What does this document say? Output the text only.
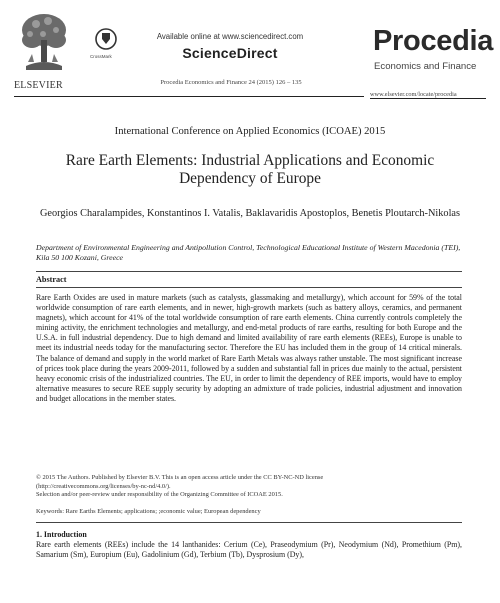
ELSEVIER
CrossMark
Available online at www.sciencedirect.com
ScienceDirect
Procedia Economics and Finance 24 (2015) 126 – 135
Procedia
Economics and Finance
www.elsevier.com/locate/procedia
International Conference on Applied Economics (ICOAE) 2015
Rare Earth Elements: Industrial Applications and Economic Dependency of Europe
Georgios Charalampides, Konstantinos I. Vatalis, Baklavaridis Apostoplos, Benetis Ploutarch-Nikolas
Department of Environmental Engineering and Antipollution Control, Technological Educational Institute of Western Macedonia (TEI), Kila 50 100 Kozani, Greece
Abstract
Rare Earth Oxides are used in mature markets (such as catalysts, glassmaking and metallurgy), which account for 59% of the total worldwide consumption of rare earth elements, and in newer, high-growth markets (such as battery alloys, ceramics, and permanent magnets), which account for 41% of the total worldwide consumption of rare earth elements. China currently controls completely the mining activity, the enrichment technologies and metallurgy, and end-metal products of rare earths, resulting for both Europe and the U.S.A. in full industrial dependency. Due to high demand and limited availability of rare earth elements (REEs), Europe is unable to meet its industrial needs today for the manufacturing sector. Therefore the EU has included them in the group of 14 critical minerals. The balance of demand and supply in the world market of Rare Earth Metals was always rather unstable. The most significant increase of prices took place during the years 2009-2011, followed by a sudden and substantial fall in prices due mainly to the actual, persistent heavy economic crisis of the industrialized countries. The EU, in order to limit the dependency of REE imports, would have to employ alternative measures to secure REE supply security by adopting an admixture of trade policies, industrial adjustment and innovation and budget allocations in the member states.
© 2015 The Authors. Published by Elsevier B.V. This is an open access article under the CC BY-NC-ND license
(http://creativecommons.org/licenses/by-nc-nd/4.0/).
Selection and/or peer-review under responsibility of the Organizing Committee of ICOAE 2015.
Keywords: Rare Earths Elements; applications; ;economic value; European dependency
1. Introduction
Rare earth elements (REEs) include the 14 lanthanides: Cerium (Ce), Praseodymium (Pr), Neodymium (Nd), Promethium (Pm), Samarium (Sm), Europium (Eu), Gadolinium (Gd), Terbium (Tb), Dysprosium (Dy),
